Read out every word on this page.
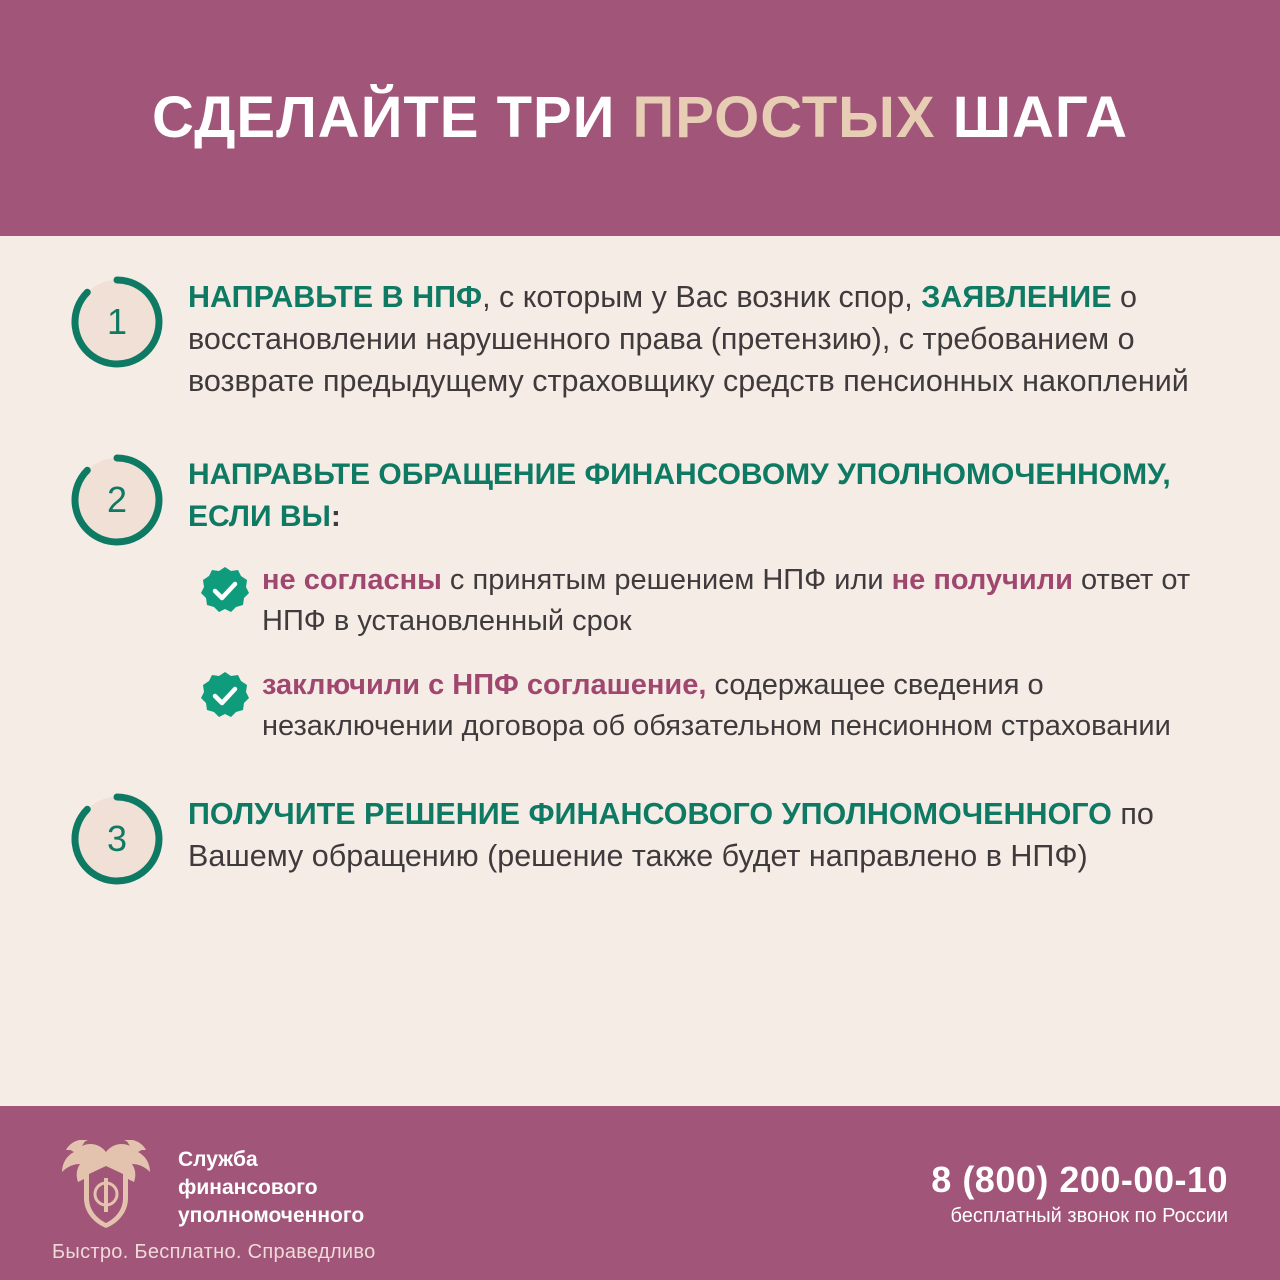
СДЕЛАЙТЕ ТРИ ПРОСТЫХ ШАГА
1
НАПРАВЬТЕ В НПФ, с которым у Вас возник спор, ЗАЯВЛЕНИЕ о восстановлении нарушенного права (претензию), с требованием о возврате предыдущему страховщику средств пенсионных накоплений
2
НАПРАВЬТЕ ОБРАЩЕНИЕ ФИНАНСОВОМУ УПОЛНОМОЧЕННОМУ, ЕСЛИ ВЫ:
не согласны с принятым решением НПФ или не получили ответ от НПФ в установленный срок
заключили с НПФ соглашение, содержащее сведения о незаключении договора об обязательном пенсионном страховании
3
ПОЛУЧИТЕ РЕШЕНИЕ ФИНАНСОВОГО УПОЛНОМОЧЕННОГО по Вашему обращению (решение также будет направлено в НПФ)
Служба
финансового
уполномоченного
Быстро. Бесплатно. Справедливо
8 (800) 200-00-10
бесплатный звонок по России
